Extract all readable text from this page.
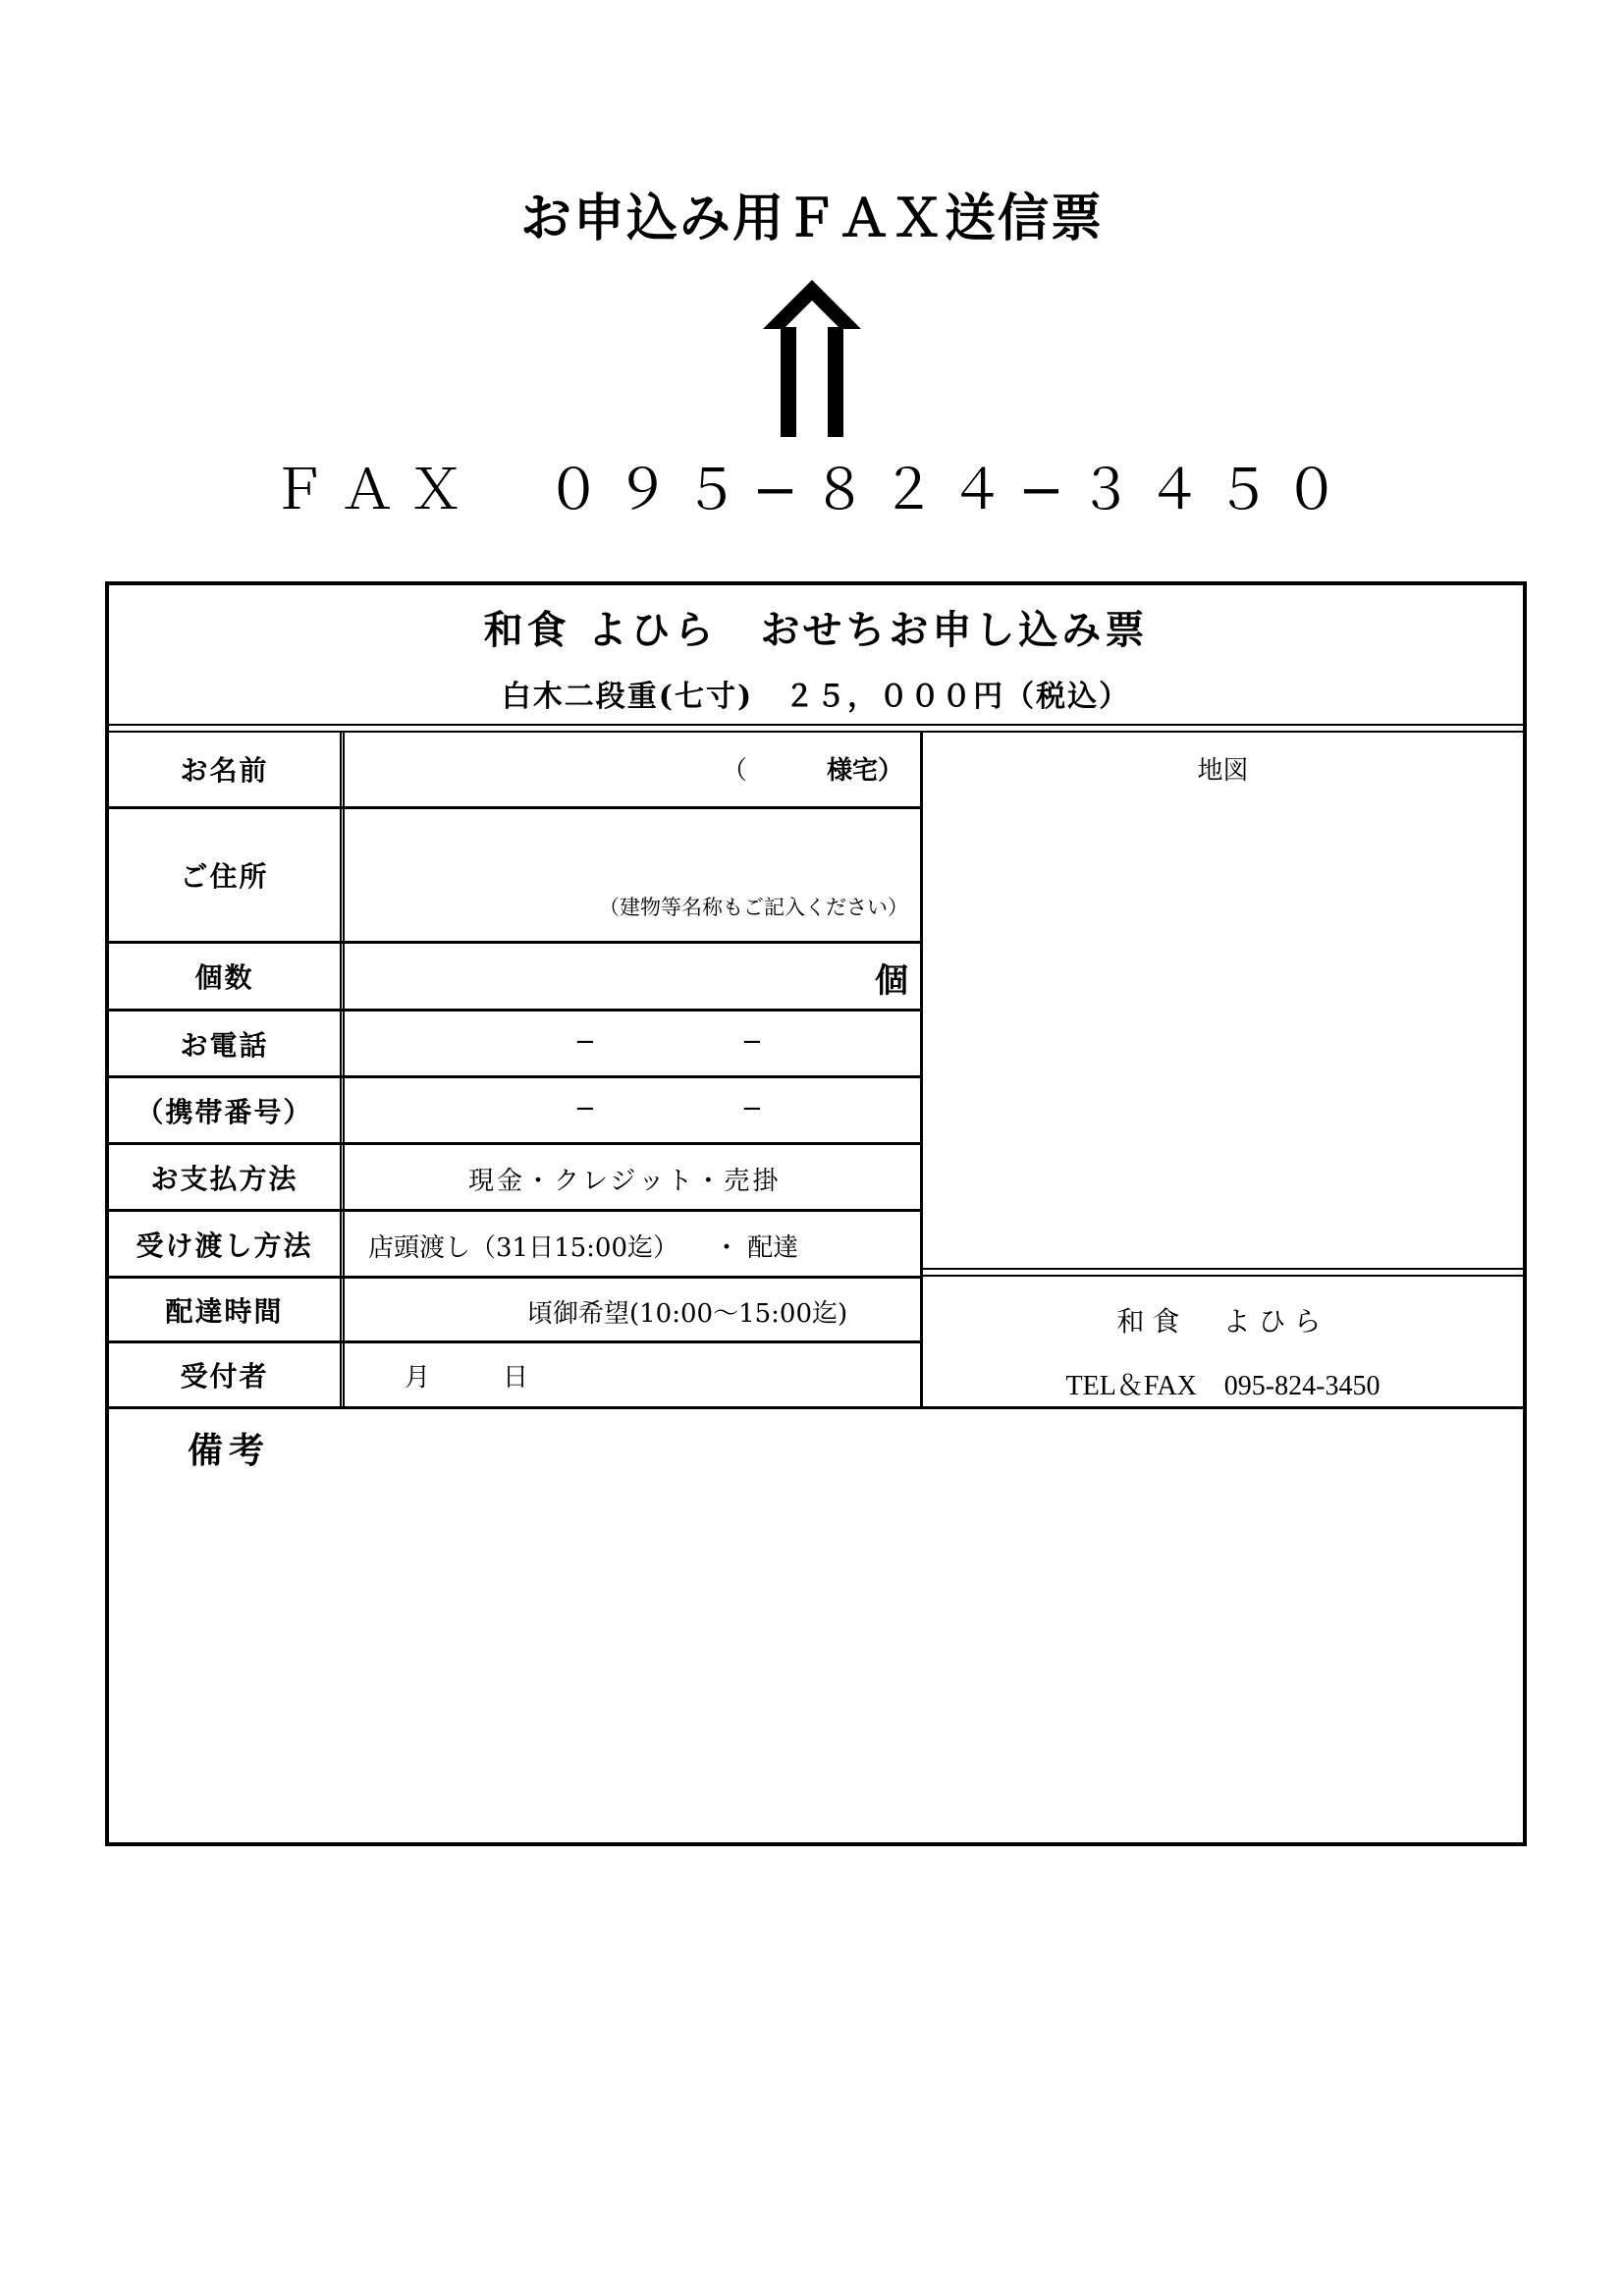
お申込み用ＦＡＸ送信票
ＦＡＸ　０９５−８２４−３４５０
和食 よひら　おせちお申し込み票
白木二段重(七寸)　２５，０００円（税込）
お名前	（	様宅）
ご住所
（建物等名称もご記入ください）
個数	個
お電話	−	−
（携帯番号）	−	−
お支払方法	現金・クレジット・売掛
受け渡し方法	店頭渡し（31日15:00迄） ・ 配達
配達時間	頃御希望(10:00〜15:00迄)
受付者	月	日
地図
和食　よひら
TEL＆FAX　095-824-3450
備考
